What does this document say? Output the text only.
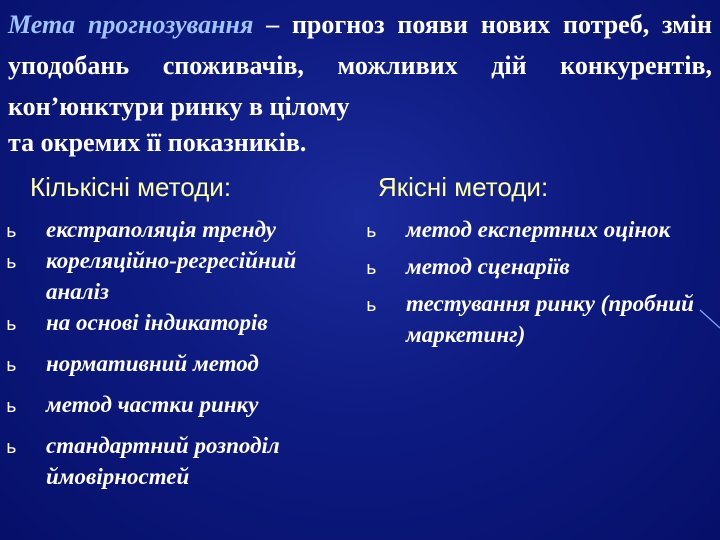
Мета прогнозування – прогноз появи нових потреб, змін уподобань споживачів, можливих дій конкурентів, кон’юнктури ринку в цілому

та окремих її показників.

Кількісні методи:	Якісні методи:
ь екстраполяція тренду
ь кореляційно-регресійний аналіз
ь на основі індикаторів
ь нормативний метод
ь метод частки ринку
ь стандартний розподіл ймовірностей
ь метод експертних оцінок
ь метод сценаріїв
ь тестування ринку (пробний маркетинг)
